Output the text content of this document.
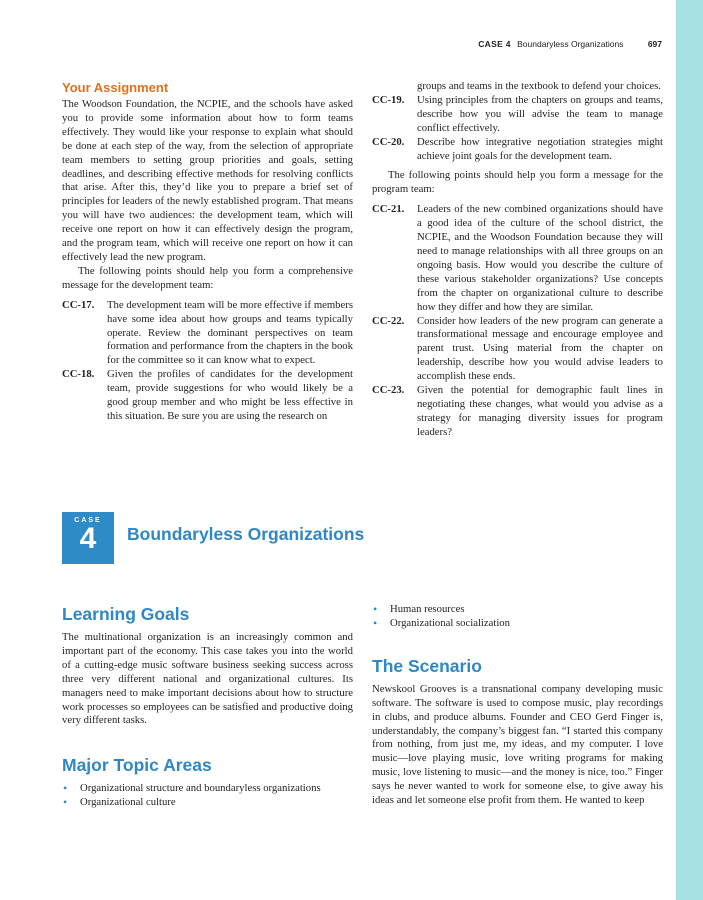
CASE 4 Boundaryless Organizations	697
Your Assignment

The Woodson Foundation, the NCPIE, and the schools have asked you to provide some information about how to form teams effectively. They would like your response to explain what should be done at each step of the way, from the selection of appropriate team members to setting group priorities and goals, setting deadlines, and describing effective methods for resolving conflicts that arise. After this, they’d like you to prepare a brief set of principles for leaders of the newly established program. That means you will have two audiences: the development team, which will receive one report on how it can effectively design the program, and the program team, which will receive one report on how it can effectively lead the new program.

The following points should help you form a comprehensive message for the development team:

CC-17.	The development team will be more effective if members have some idea about how groups and teams typically operate. Review the dominant perspectives on team formation and performance from the chapters in the book for the committee so it can know what to expect.
CC-18.	Given the profiles of candidates for the development team, provide suggestions for who would likely be a good group member and who might be less effective in this situation. Be sure you are using the research on
groups and teams in the textbook to defend your choices.
CC-19.	Using principles from the chapters on groups and teams, describe how you will advise the team to manage conflict effectively.
CC-20.	Describe how integrative negotiation strategies might achieve joint goals for the development team.

The following points should help you form a message for the program team:

CC-21.	Leaders of the new combined organizations should have a good idea of the culture of the school district, the NCPIE, and the Woodson Foundation because they will need to manage relationships with all three groups on an ongoing basis. How would you describe the culture of these various stakeholder organizations? Use concepts from the chapter on organizational culture to describe how they differ and how they are similar.
CC-22.	Consider how leaders of the new program can generate a transformational message and encourage employee and parent trust. Using material from the chapter on leadership, describe how you would advise leaders to accomplish these ends.
CC-23.	Given the potential for demographic fault lines in negotiating these changes, what would you advise as a strategy for managing diversity issues for program leaders?
CASE
4	Boundaryless Organizations
Learning Goals

The multinational organization is an increasingly common and important part of the economy. This case takes you into the world of a cutting-edge music software business seeking success across three very different national and organizational cultures. Its managers need to make important decisions about how to structure work processes so employees can be satisfied and productive doing very different tasks.

Major Topic Areas
• Organizational structure and boundaryless organizations
• Organizational culture
• Human resources
• Organizational socialization
The Scenario

Newskool Grooves is a transnational company developing music software. The software is used to compose music, play recordings in clubs, and produce albums. Founder and CEO Gerd Finger is, understandably, the company’s biggest fan. “I started this company from nothing, from just me, my ideas, and my computer. I love music—love playing music, love writing programs for making music, love listening to music—and the money is nice, too.” Finger says he never wanted to work for someone else, to give away his ideas and let someone else profit from them. He wanted to keep
